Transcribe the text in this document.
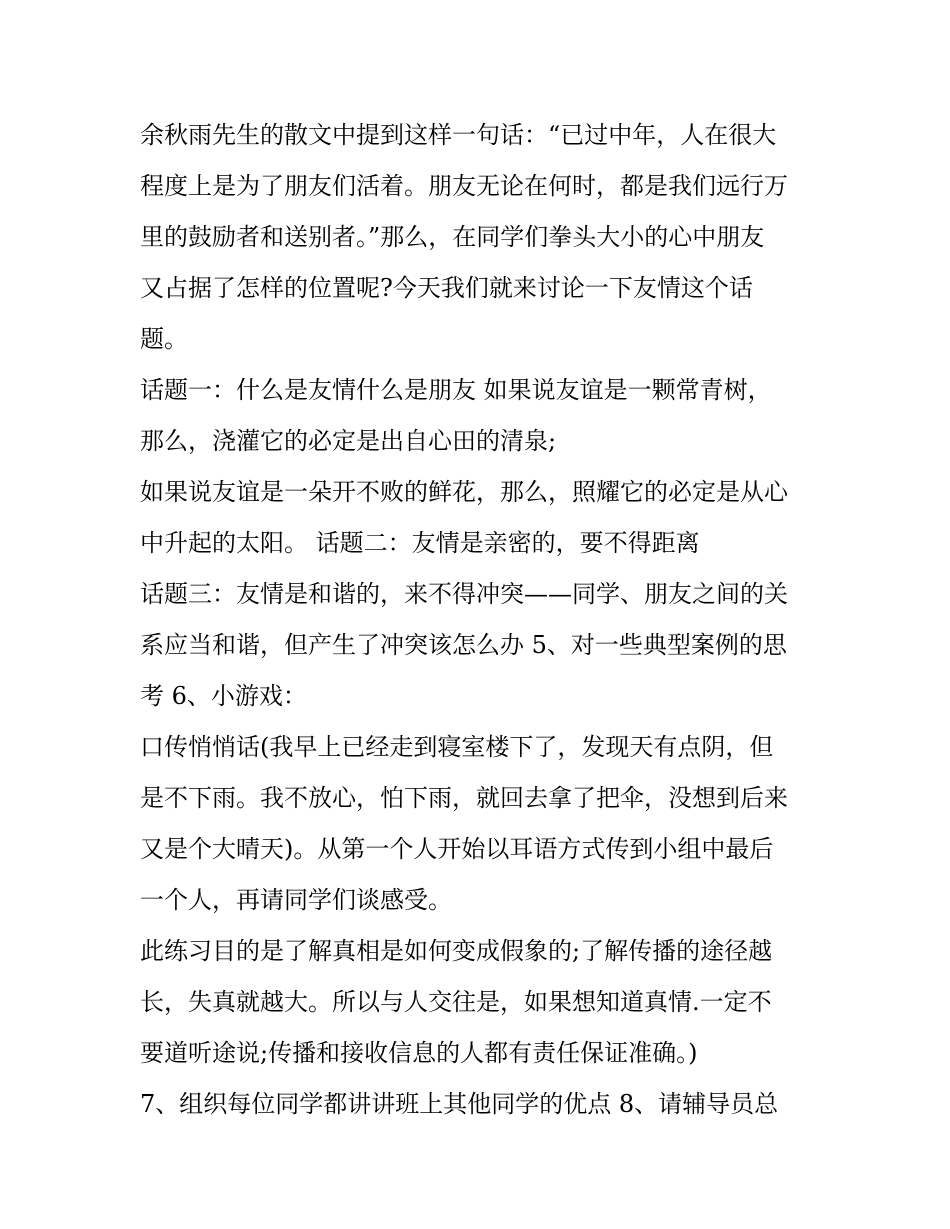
余秋雨先生的散文中提到这样一句话：“已过中年，人在很大
程度上是为了朋友们活着。朋友无论在何时，都是我们远行万
里的鼓励者和送别者。”那么，在同学们拳头大小的心中朋友
又占据了怎样的位置呢?今天我们就来讨论一下友情这个话
题。
话题一：什么是友情什么是朋友 如果说友谊是一颗常青树，
那么，浇灌它的必定是出自心田的清泉;
如果说友谊是一朵开不败的鲜花，那么，照耀它的必定是从心
中升起的太阳。 话题二：友情是亲密的，要不得距离
话题三：友情是和谐的，来不得冲突——同学、朋友之间的关
系应当和谐，但产生了冲突该怎么办 5、对一些典型案例的思
考 6、小游戏：
口传悄悄话(我早上已经走到寝室楼下了，发现天有点阴，但
是不下雨。我不放心，怕下雨，就回去拿了把伞，没想到后来
又是个大晴天)。从第一个人开始以耳语方式传到小组中最后
一个人，再请同学们谈感受。
此练习目的是了解真相是如何变成假象的;了解传播的途径越
长，失真就越大。所以与人交往是，如果想知道真情.一定不
要道听途说;传播和接收信息的人都有责任保证准确。)
7、组织每位同学都讲讲班上其他同学的优点 8、请辅导员总
